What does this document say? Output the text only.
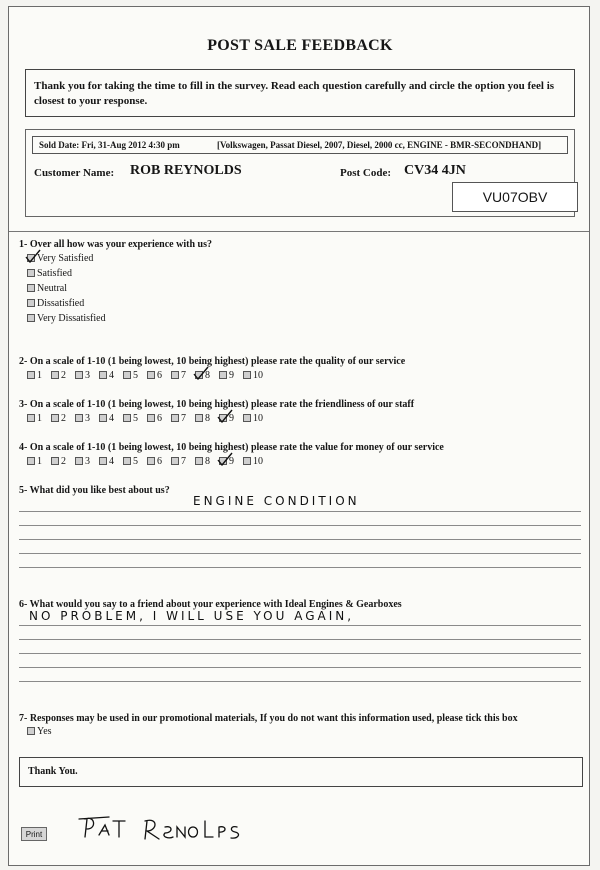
POST SALE FEEDBACK
Thank you for taking the time to fill in the survey. Read each question carefully and circle the option you feel is closest to your response.
Sold Date: Fri, 31-Aug 2012 4:30 pm	[Volkswagen, Passat Diesel, 2007, Diesel, 2000 cc, ENGINE - BMR-SECONDHAND]
Customer Name: ROB REYNOLDS	Post Code: CV34 4JN
VU07OBV
1- Over all how was your experience with us?
Very Satisfied
Satisfied
Neutral
Dissatisfied
Very Dissatisfied
2- On a scale of 1-10 (1 being lowest, 10 being highest) please rate the quality of our service
1 2 3 4 5 6 7 8 9 10
3- On a scale of 1-10 (1 being lowest, 10 being highest) please rate the friendliness of our staff
1 2 3 4 5 6 7 8 9 10
4- On a scale of 1-10 (1 being lowest, 10 being highest) please rate the value for money of our service
1 2 3 4 5 6 7 8 9 10
5- What did you like best about us?
ENGINE CONDITION
6- What would you say to a friend about your experience with Ideal Engines & Gearboxes
NO PROBLEM, I WILL USE YOU AGAIN,
7- Responses may be used in our promotional materials, If you do not want this information used, please tick this box
Yes
Thank You.
Print
